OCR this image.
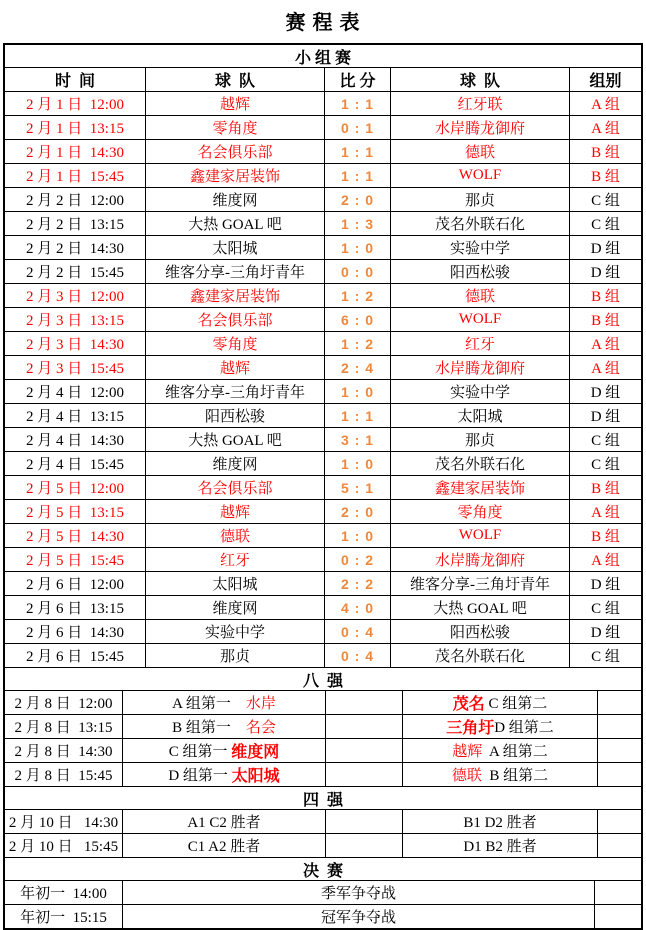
赛 程 表
小 组 赛
时  间	球  队	比 分	球  队	组别
2 月 1 日  12:00	越辉	1 : 1	红牙联	A 组
2 月 1 日  13:15	零角度	0 : 1	水岸腾龙御府	A 组
2 月 1 日  14:30	名会俱乐部	1 : 1	德联	B 组
2 月 1 日  15:45	鑫建家居装饰	1 : 1	WOLF	B 组
2 月 2 日  12:00	维度网	2 : 0	那贞	C 组
2 月 2 日  13:15	大热 GOAL 吧	1 : 3	茂名外联石化	C 组
2 月 2 日  14:30	太阳城	1 : 0	实验中学	D 组
2 月 2 日  15:45	维客分享-三角圩青年	0 : 0	阳西松骏	D 组
2 月 3 日  12:00	鑫建家居装饰	1 : 2	德联	B 组
2 月 3 日  13:15	名会俱乐部	6 : 0	WOLF	B 组
2 月 3 日  14:30	零角度	1 : 2	红牙	A 组
2 月 3 日  15:45	越辉	2 : 4	水岸腾龙御府	A 组
2 月 4 日  12:00	维客分享-三角圩青年	1 : 0	实验中学	D 组
2 月 4 日  13:15	阳西松骏	1 : 1	太阳城	D 组
2 月 4 日  14:30	大热 GOAL 吧	3 : 1	那贞	C 组
2 月 4 日  15:45	维度网	1 : 0	茂名外联石化	C 组
2 月 5 日  12:00	名会俱乐部	5 : 1	鑫建家居装饰	B 组
2 月 5 日  13:15	越辉	2 : 0	零角度	A 组
2 月 5 日  14:30	德联	1 : 0	WOLF	B 组
2 月 5 日  15:45	红牙	0 : 2	水岸腾龙御府	A 组
2 月 6 日  12:00	太阳城	2 : 2	维客分享-三角圩青年	D 组
2 月 6 日  13:15	维度网	4 : 0	大热 GOAL 吧	C 组
2 月 6 日  14:30	实验中学	0 : 4	阳西松骏	D 组
2 月 6 日  15:45	那贞	0 : 4	茂名外联石化	C 组
八  强
2 月 8 日  12:00	A 组第一 水岸	茂名 C 组第二
2 月 8 日  13:15	B 组第一 名会	三角圩 D 组第二
2 月 8 日  14:30	C 组第一 维度网	越辉 A 组第二
2 月 8 日  15:45	D 组第一 太阳城	德联 B 组第二
四  强
2 月 10 日   14:30	A1 C2 胜者	B1 D2 胜者
2 月 10 日   15:45	C1 A2 胜者	D1 B2 胜者
决  赛
年初一  14:00	季军争夺战
年初一  15:15	冠军争夺战
